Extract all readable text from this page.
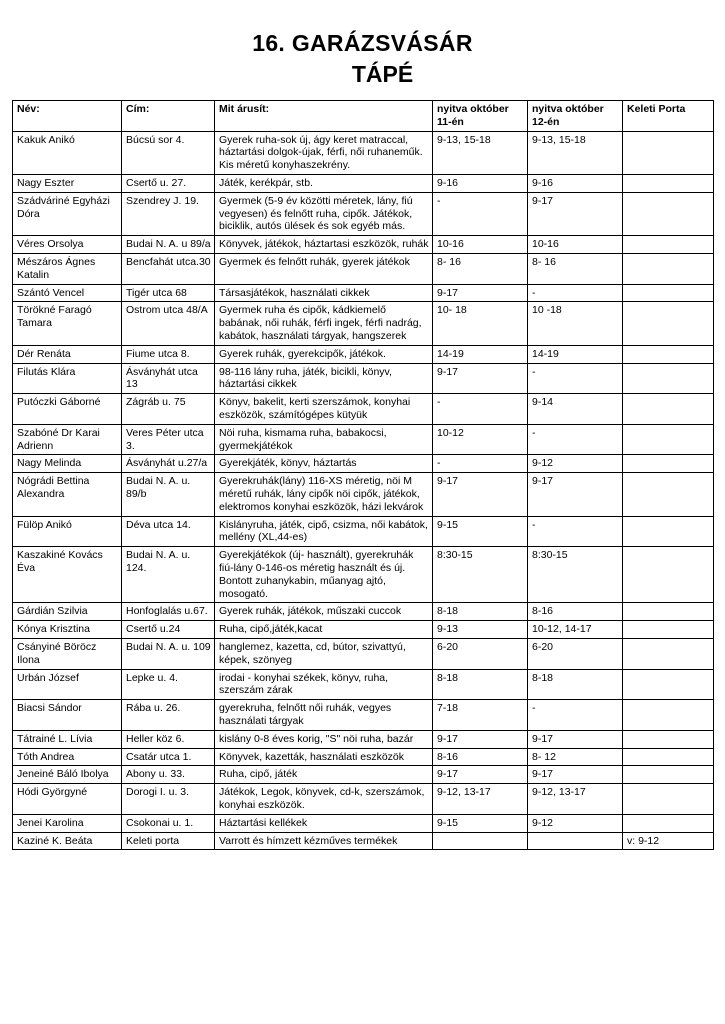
16. GARÁZSVÁSÁR
TÁPÉ
Név:	Cím:	Mit árusít:	nyitva október 11-én	nyitva október 12-én	Keleti Porta
Kakuk Anikó	Búcsú sor 4.	Gyerek ruha-sok új, ágy keret matraccal, háztartási dolgok-újak, férfi, női ruhaneműk. Kis méretű konyhaszekrény.	9-13, 15-18	9-13, 15-18	
Nagy Eszter	Csertő u. 27.	Játék, kerékpár, stb.	9-16	9-16	
Szádváriné Egyházi Dóra	Szendrey J. 19.	Gyermek (5-9 év közötti méretek, lány, fiú vegyesen) és felnőtt ruha, cipők. Játékok, biciklik, autós ülések és sok egyéb más.	-	9-17	
Véres Orsolya	Budai N. A. u 89/a	Könyvek, játékok, háztartasi eszközök, ruhák	10-16	10-16	
Mészáros Ágnes Katalin	Bencfahát utca.30	Gyermek és felnőtt ruhák, gyerek játékok	8- 16	8- 16	
Szántó Vencel	Tigér utca 68	Társasjátékok, használati cikkek	9-17	-	
Törökné Faragó Tamara	Ostrom utca 48/A	Gyermek ruha és cipők, kádkiemelő babának, női ruhák, férfi ingek, férfi nadrág, kabátok, használati tárgyak, hangszerek	10- 18	10 -18	
Dér Renáta	Fiume utca 8.	Gyerek ruhák, gyerekcipők, játékok.	14-19	14-19	
Filutás Klára	Ásványhát utca 13	98-116 lány ruha, játék, bicikli, könyv, háztartási cikkek	9-17	-	
Putóczki Gáborné	Zágráb u. 75	Könyv, bakelit, kerti szerszámok, konyhai eszközök, számítógépes kütyük	-	9-14	
Szabóné Dr Karai Adrienn	Veres Péter utca 3.	Nöi ruha, kismama ruha, babakocsi, gyermekjátékok	10-12	-	
Nagy Melinda	Ásványhát u.27/a	Gyerekjáték, könyv, háztartás	-	9-12	
Nógrádi Bettina Alexandra	Budai N. A. u. 89/b	Gyerekruhák(lány) 116-XS méretig, nöi M méretű ruhák, lány cipők nöi cipők, játékok, elektromos konyhai eszközök, házi lekvárok	9-17	9-17	
Fülöp Anikó	Déva utca 14.	Kislányruha, játék, cipő, csizma, női kabátok, mellény (XL,44-es)	9-15	-	
Kaszakiné Kovács Éva	Budai N. A. u. 124.	Gyerekjátékok (új- használt), gyerekruhák fiú-lány 0-146-os méretig használt és új. Bontott zuhanykabin, műanyag ajtó, mosogató.	8:30-15	8:30-15	
Gárdián Szilvia	Honfoglalás u.67.	Gyerek ruhák, játékok, műszaki cuccok	8-18	8-16	
Kónya Krisztina	Csertő u.24	Ruha, cipő,játék,kacat	9-13	10-12, 14-17	
Csányiné Böröcz Ilona	Budai N. A. u. 109	hanglemez, kazetta, cd, bútor, szivattyú, képek, szönyeg	6-20	6-20	
Urbán József	Lepke u. 4.	irodai - konyhai székek, könyv, ruha, szerszám zárak	8-18	8-18	
Biacsi Sándor	Rába u. 26.	gyerekruha, felnőtt női ruhák, vegyes használati tárgyak	7-18	-	
Tátrainé L. Lívia	Heller köz 6.	kislány 0-8 éves korig, "S" nöi ruha, bazár	9-17	9-17	
Tóth Andrea	Csatár utca 1.	Könyvek, kazetták, használati eszközök	8-16	8- 12	
Jeneiné Báló Ibolya	Abony u. 33.	Ruha, cipő, játék	9-17	9-17	
Hódi Györgyné	Dorogi I. u. 3.	Játékok, Legok, könyvek, cd-k, szerszámok, konyhai eszközök.	9-12, 13-17	9-12, 13-17	
Jenei Karolina	Csokonai u. 1.	Háztartási kellékek	9-15	9-12	
Kaziné K. Beáta	Keleti porta	Varrott és hímzett kézműves termékek			v: 9-12
